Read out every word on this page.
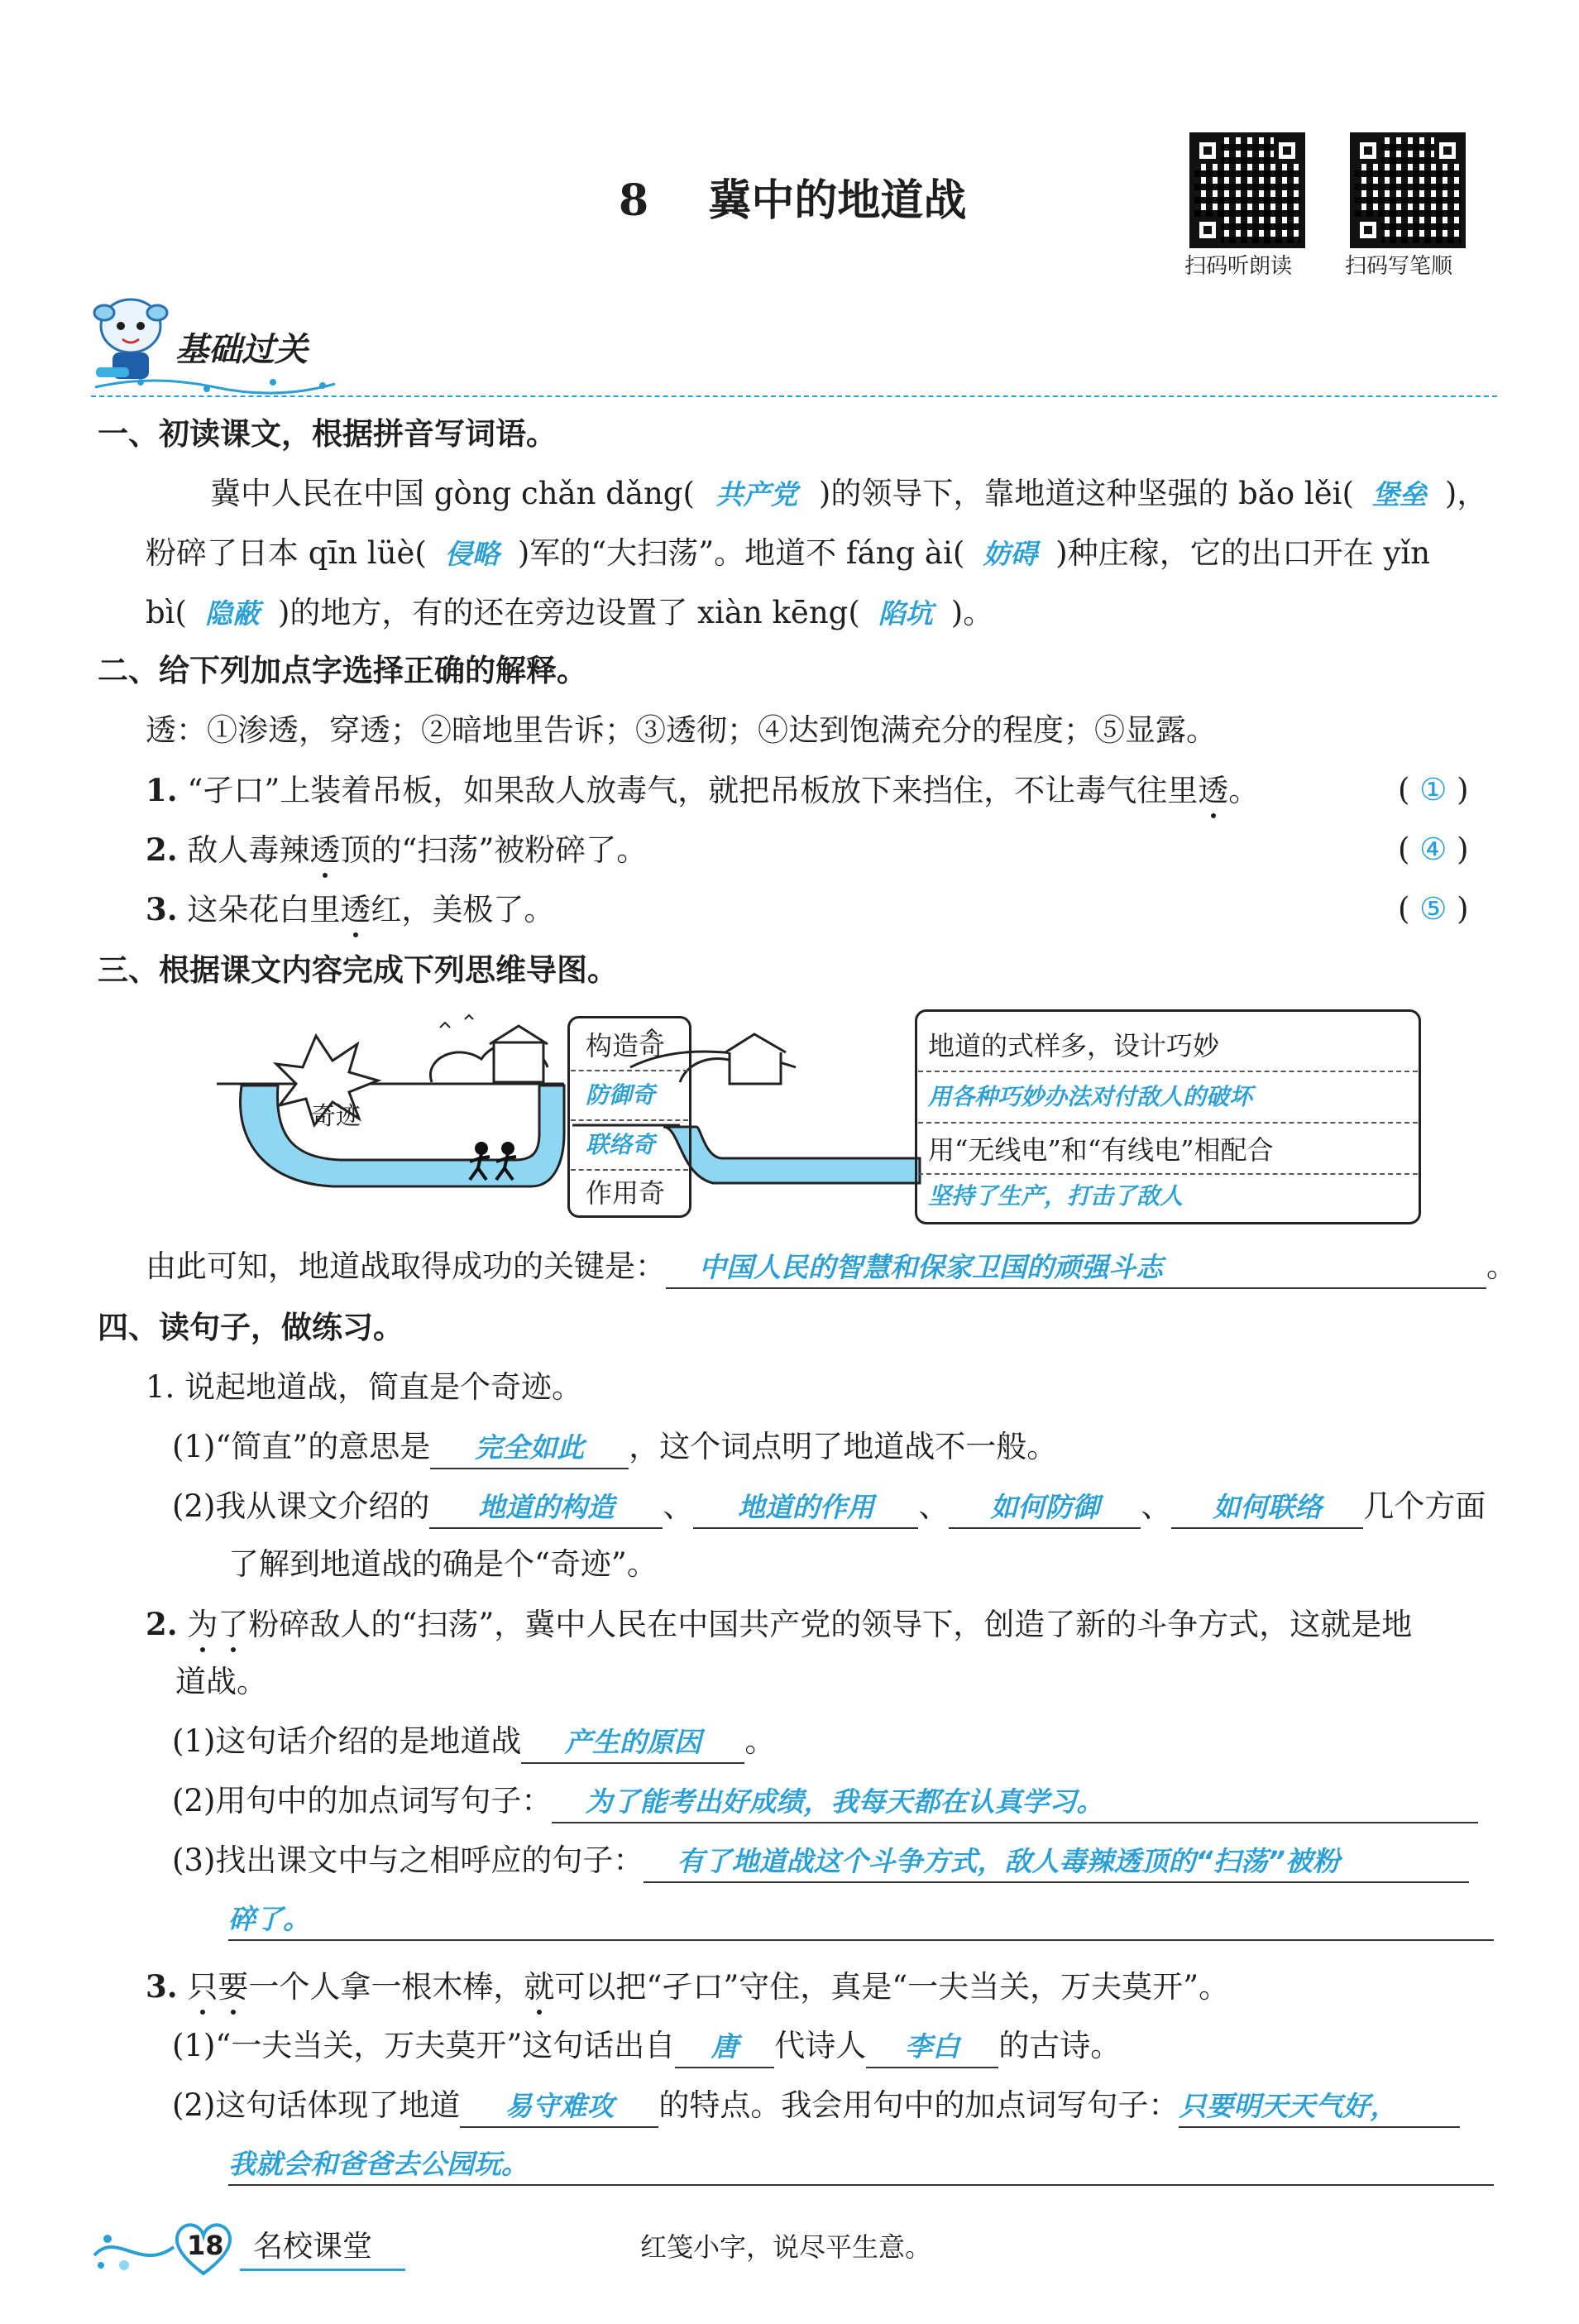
8 冀中的地道战
扫码听朗读 扫码写笔顺
基础过关
一、初读课文，根据拼音写词语。
冀中人民在中国 gòng chǎn dǎng( 共产党 )的领导下，靠地道这种坚强的 bǎo lěi( 堡垒 )，
粉碎了日本 qīn lüè( 侵略 )军的“大扫荡”。地道不 fáng ài( 妨碍 )种庄稼，它的出口开在 yǐn
bì( 隐蔽 )的地方，有的还在旁边设置了 xiàn kēng( 陷坑 )。
二、给下列加点字选择正确的解释。
透：①渗透，穿透；②暗地里告诉；③透彻；④达到饱满充分的程度；⑤显露。
1. “孑口”上装着吊板，如果敌人放毒气，就把吊板放下来挡住，不让毒气往里透。	( ① )
2. 敌人毒辣透顶的“扫荡”被粉碎了。	( ④ )
3. 这朵花白里透红，美极了。	( ⑤ )
三、根据课文内容完成下列思维导图。
奇迹
构造奇
防御奇
联络奇
作用奇
地道的式样多，设计巧妙
用各种巧妙办法对付敌人的破坏
用“无线电”和“有线电”相配合
坚持了生产，打击了敌人
由此可知，地道战取得成功的关键是： 中国人民的智慧和保家卫国的顽强斗志	。
四、读句子，做练习。
1. 说起地道战，简直是个奇迹。
(1)“简直”的意思是 完全如此 ，这个词点明了地道战不一般。
(2)我从课文介绍的 地道的构造 、 地道的作用 、 如何防御 、 如何联络 几个方面
了解到地道战的确是个“奇迹”。
2. 为了粉碎敌人的“扫荡”，冀中人民在中国共产党的领导下，创造了新的斗争方式，这就是地
道战。
(1)这句话介绍的是地道战 产生的原因 。
(2)用句中的加点词写句子： 为了能考出好成绩，我每天都在认真学习。
(3)找出课文中与之相呼应的句子： 有了地道战这个斗争方式，敌人毒辣透顶的“扫荡”被粉
碎了。
3. 只要一个人拿一根木棒，就可以把“孑口”守住，真是“一夫当关，万夫莫开”。
(1)“一夫当关，万夫莫开”这句话出自 唐 代诗人 李白 的古诗。
(2)这句话体现了地道 易守难攻 的特点。我会用句中的加点词写句子：只要明天天气好，
我就会和爸爸去公园玩。
18 名校课堂	红笺小字，说尽平生意。
